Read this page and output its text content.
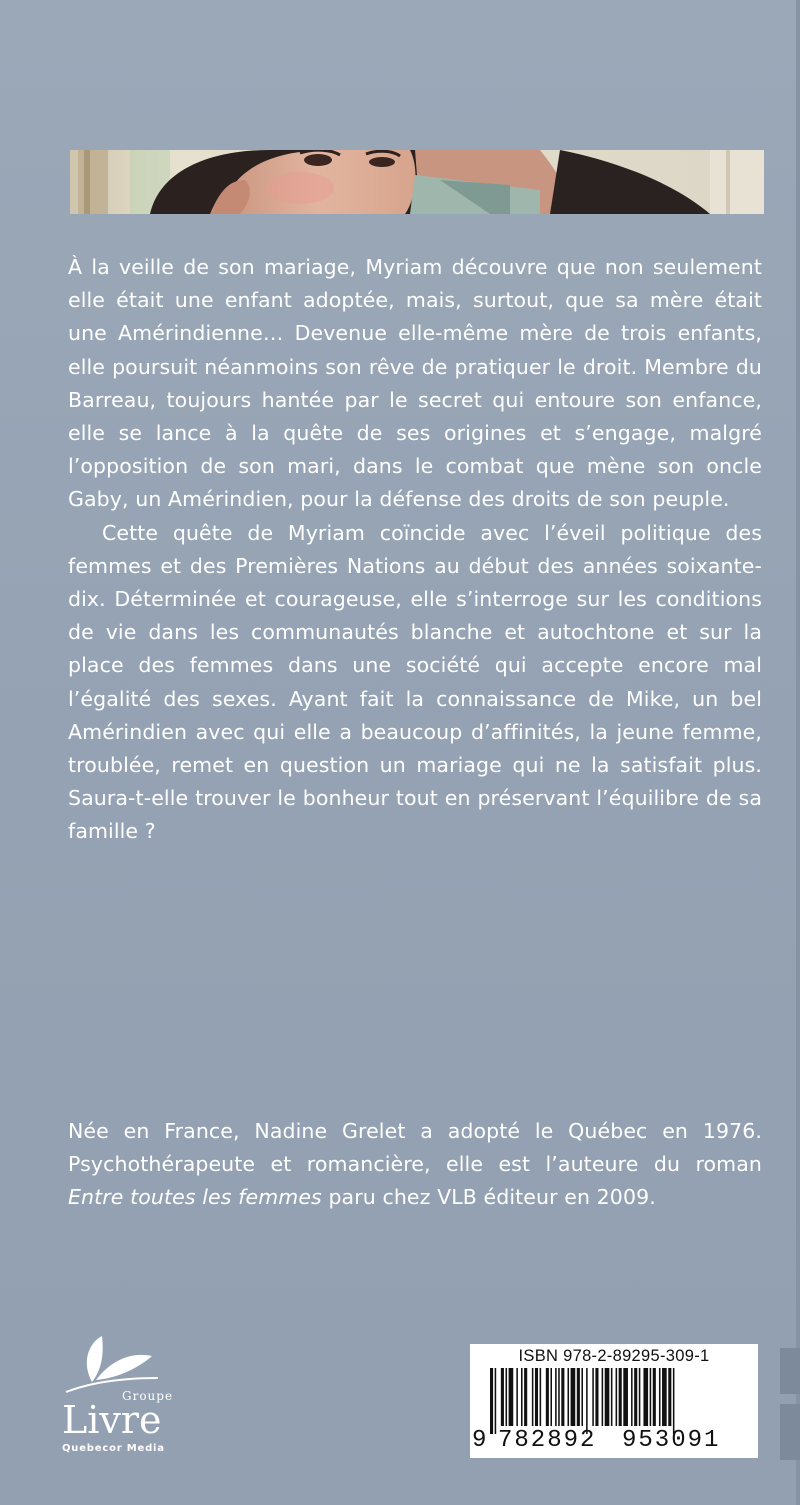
À la veille de son mariage, Myriam découvre que non seulement elle était une enfant adoptée, mais, surtout, que sa mère était une Amérindienne… Devenue elle-même mère de trois enfants, elle poursuit néanmoins son rêve de pratiquer le droit. Membre du Barreau, toujours hantée par le secret qui entoure son enfance, elle se lance à la quête de ses origines et s’engage, malgré l’opposition de son mari, dans le combat que mène son oncle Gaby, un Amérindien, pour la défense des droits de son peuple.

Cette quête de Myriam coïncide avec l’éveil politique des femmes et des Premières Nations au début des années soixante-dix. Déterminée et courageuse, elle s’interroge sur les conditions de vie dans les communautés blanche et autochtone et sur la place des femmes dans une société qui accepte encore mal l’égalité des sexes. Ayant fait la connaissance de Mike, un bel Amérindien avec qui elle a beaucoup d’affinités, la jeune femme, troublée, remet en question un mariage qui ne la satisfait plus. Saura-t-elle trouver le bonheur tout en préservant l’équilibre de sa famille ?

Née en France, Nadine Grelet a adopté le Québec en 1976. Psychothérapeute et romancière, elle est l’auteure du roman Entre toutes les femmes paru chez VLB éditeur en 2009.

Groupe
Livre
Quebecor Media
ISBN 978-2-89295-309-1
9 782892 953091
